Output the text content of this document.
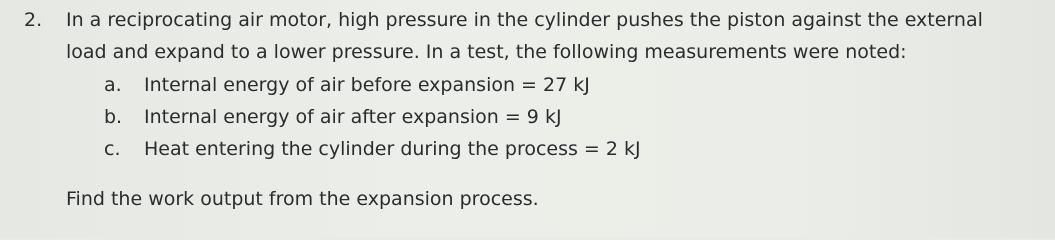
2. In a reciprocating air motor, high pressure in the cylinder pushes the piston against the external
load and expand to a lower pressure. In a test, the following measurements were noted:
a. Internal energy of air before expansion = 27 kJ
b. Internal energy of air after expansion = 9 kJ
c. Heat entering the cylinder during the process = 2 kJ
Find the work output from the expansion process.
